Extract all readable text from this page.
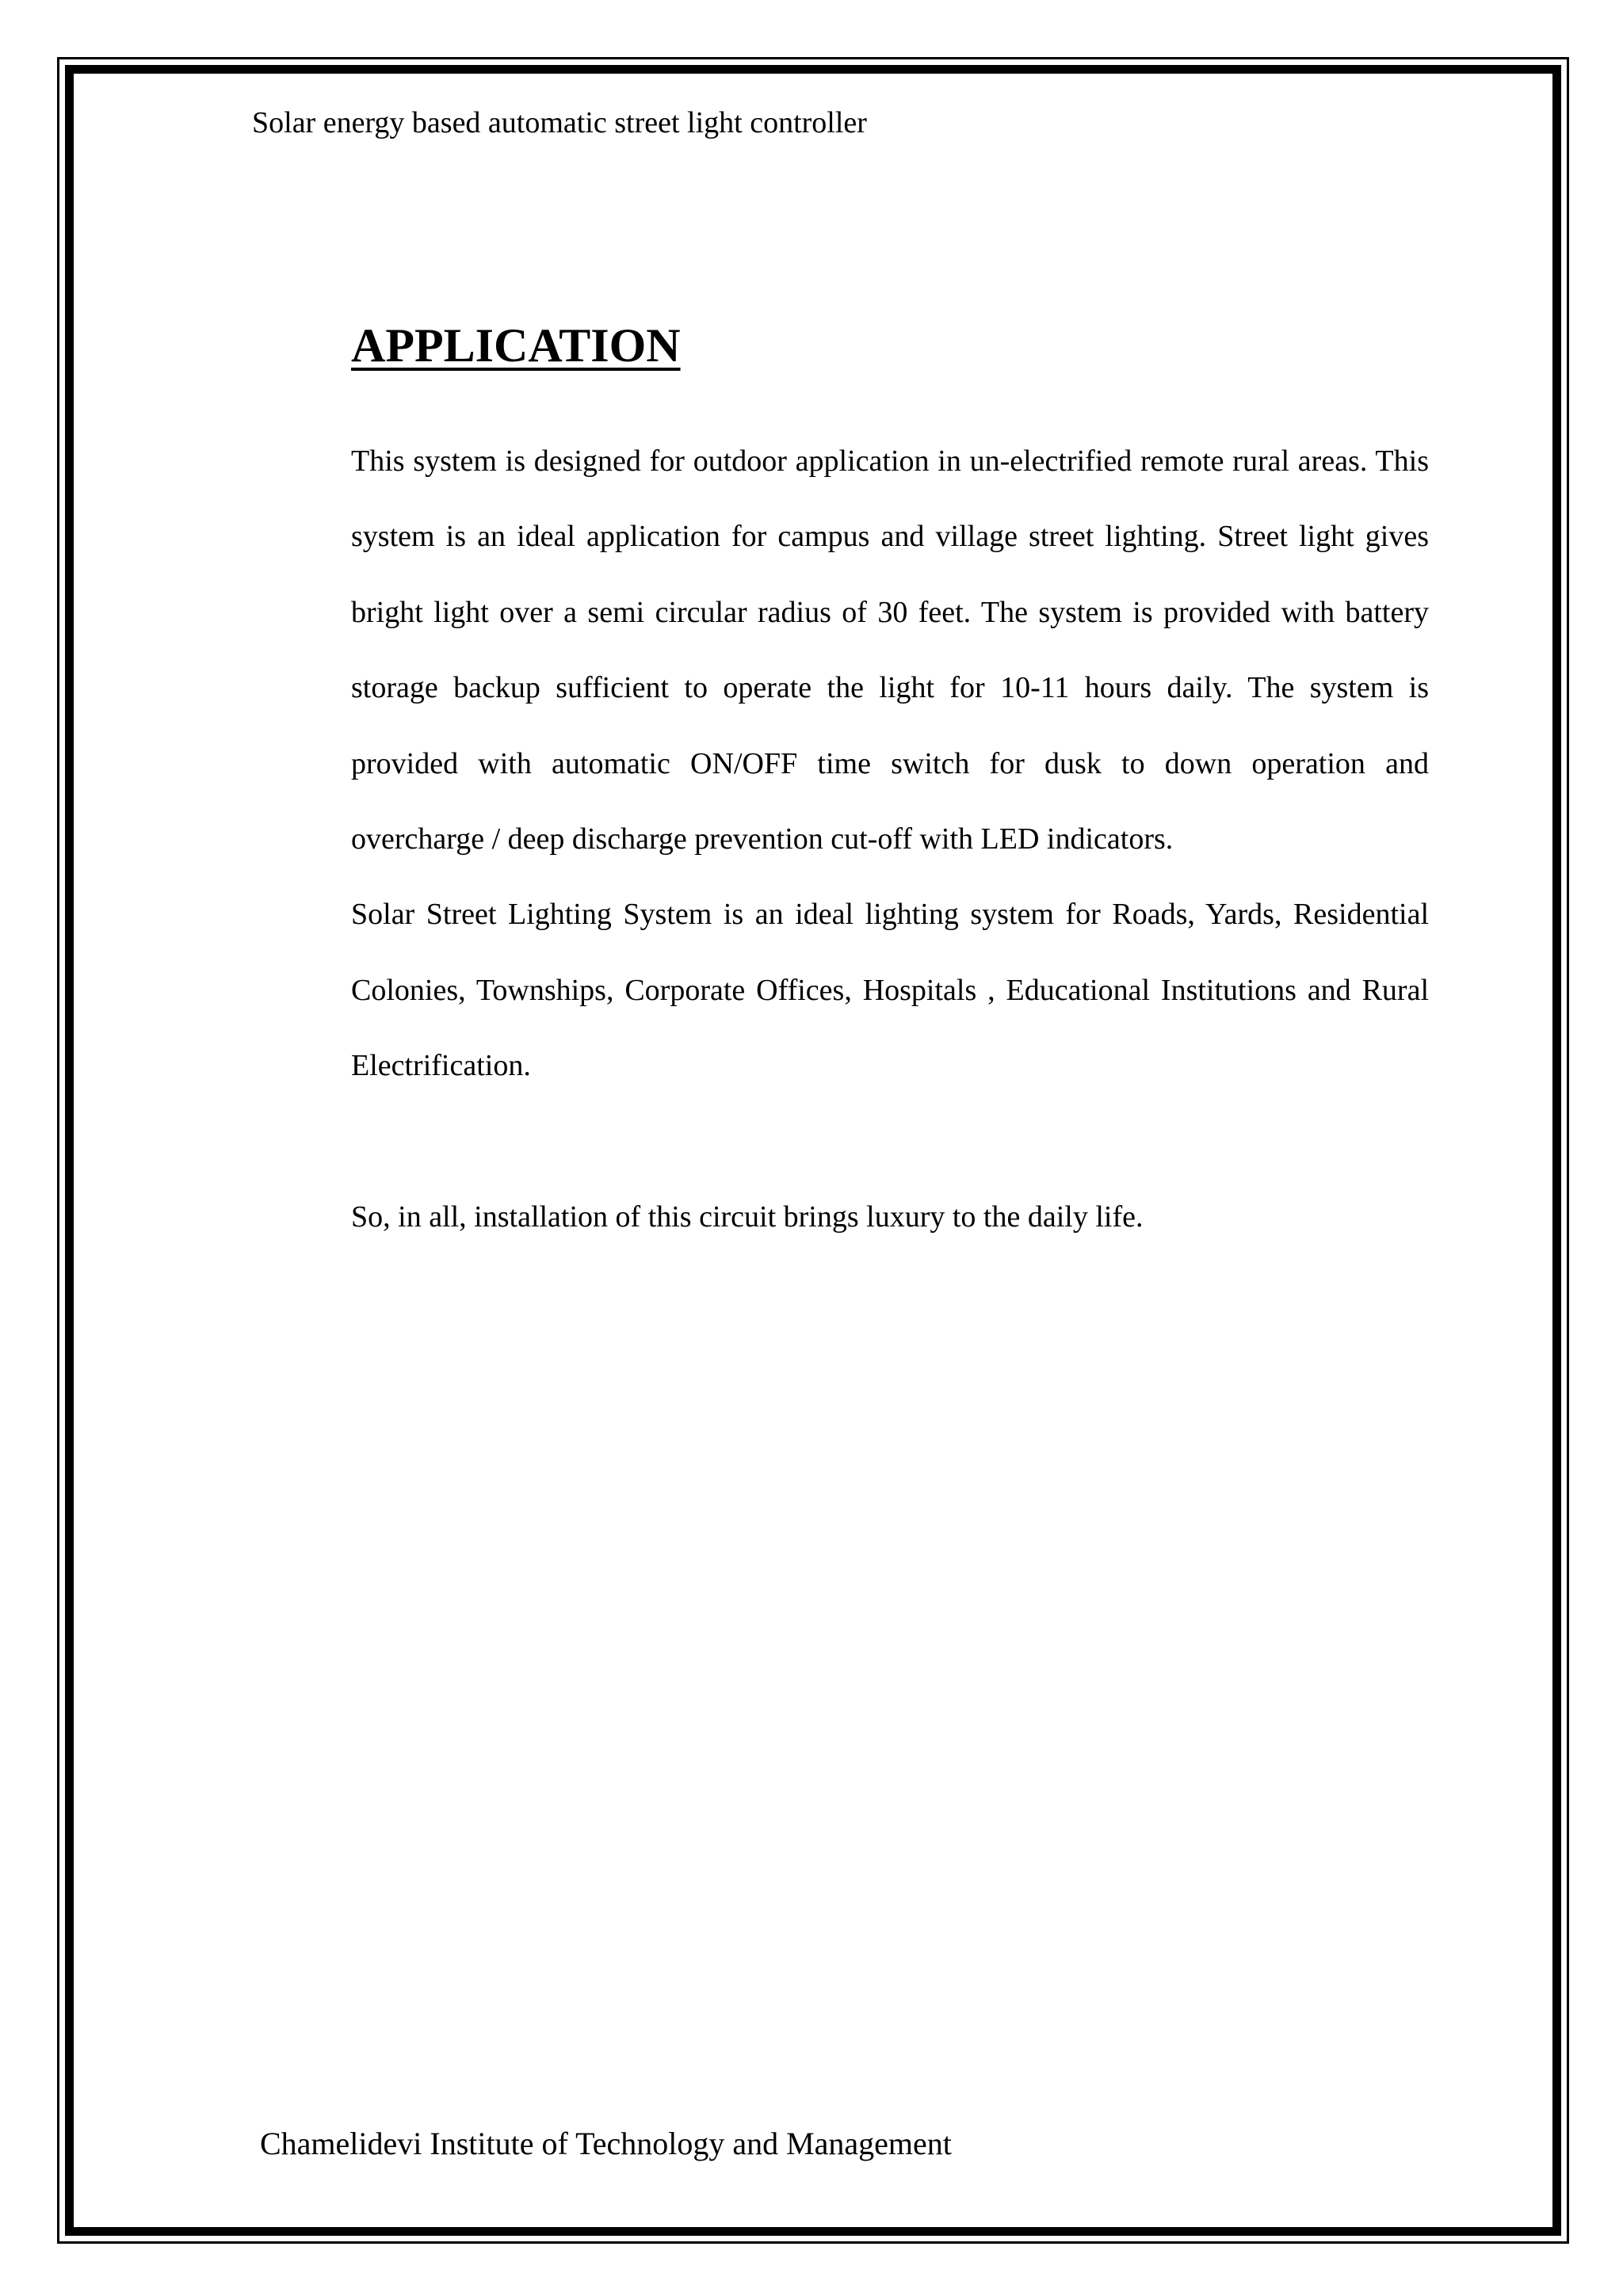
Solar energy based automatic street light controller
APPLICATION

This system is designed for outdoor application in un-electrified remote rural areas. This system is an ideal application for campus and village street lighting. Street light gives bright light over a semi circular radius of 30 feet. The system is provided with battery storage backup sufficient to operate the light for 10-11 hours daily. The system is provided with automatic ON/OFF time switch for dusk to down operation and overcharge / deep discharge prevention cut-off with LED indicators.

Solar Street Lighting System is an ideal lighting system for Roads, Yards, Residential Colonies, Townships, Corporate Offices, Hospitals , Educational Institutions and Rural Electrification.

So, in all, installation of this circuit brings luxury to the daily life.

Chamelidevi Institute of Technology and Management
